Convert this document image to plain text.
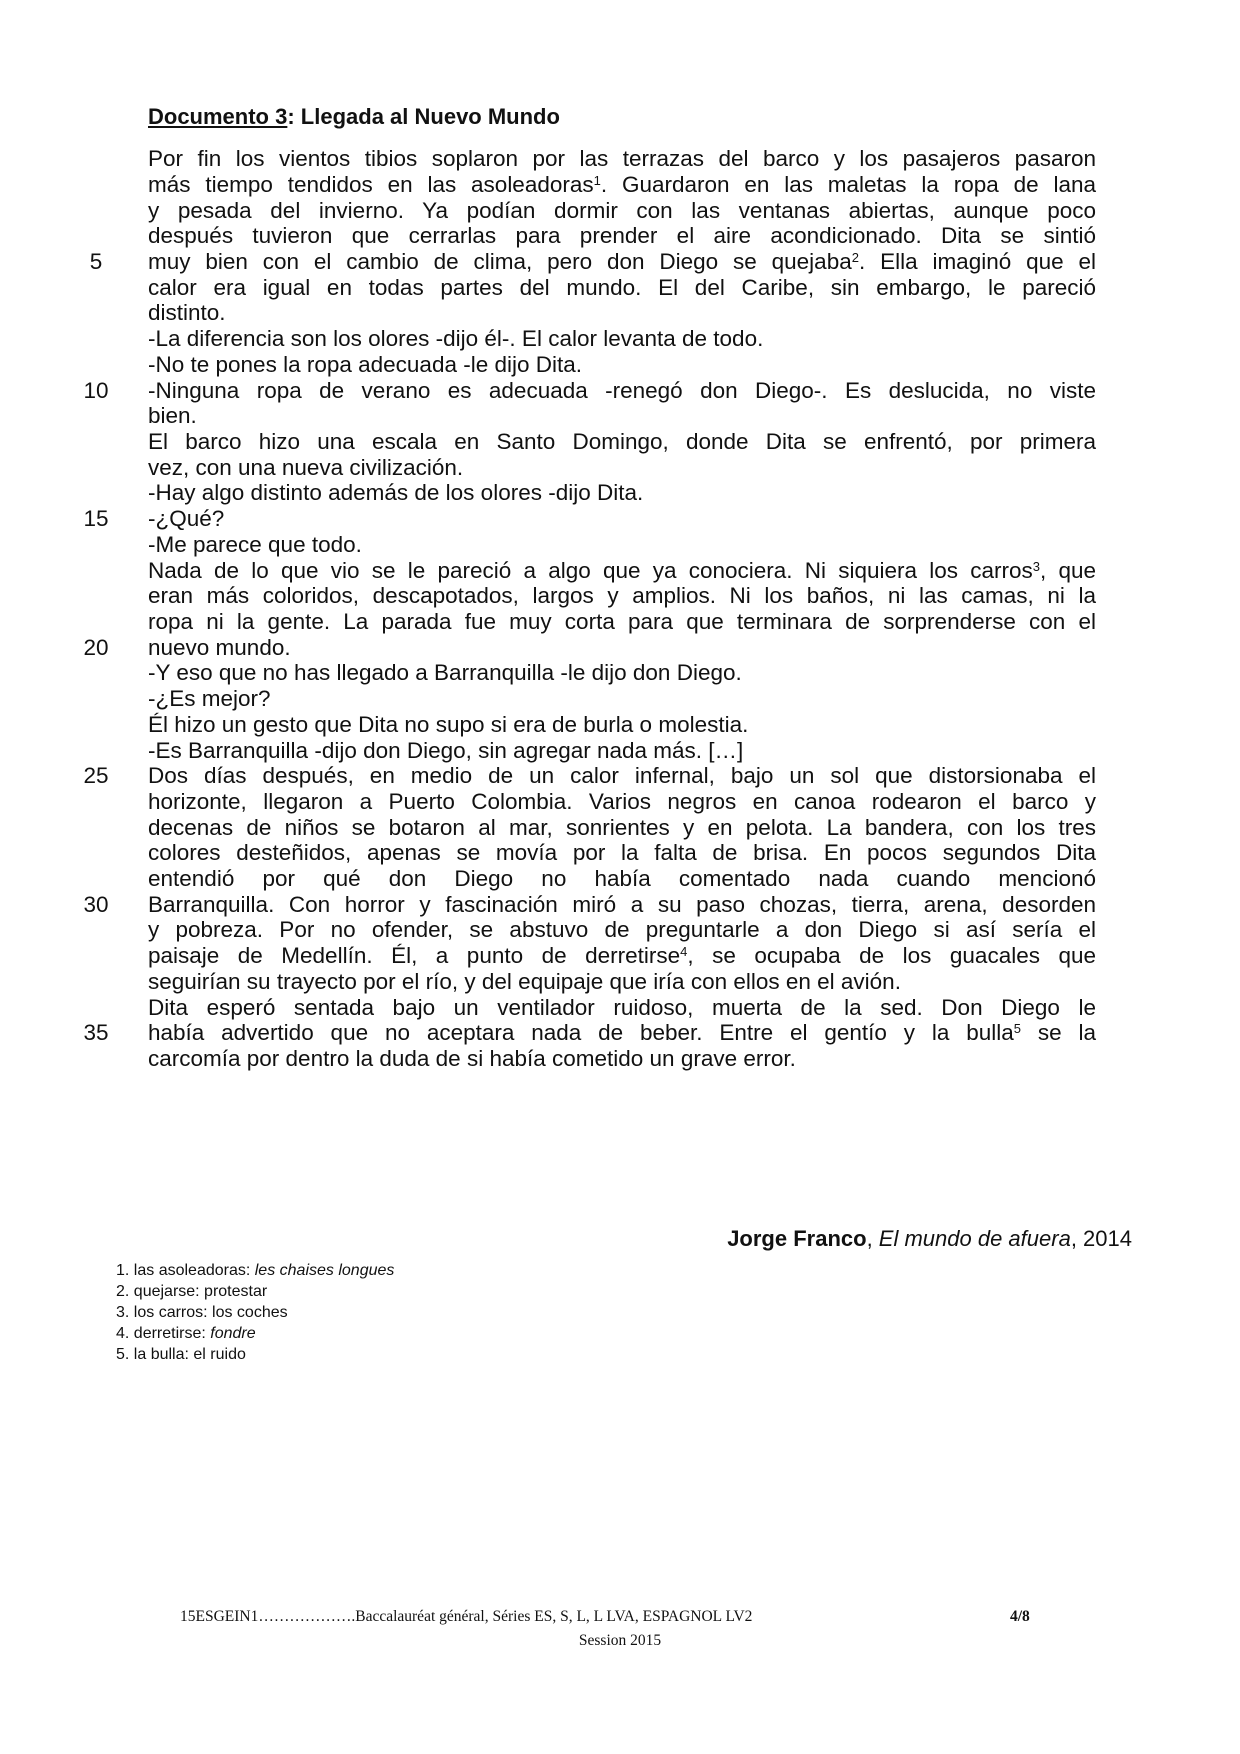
Documento 3: Llegada al Nuevo Mundo
Por fin los vientos tibios soplaron por las terrazas del barco y los pasajeros pasaron
más tiempo tendidos en las asoleadoras$^1$. Guardaron en las maletas la ropa de lana
y pesada del invierno. Ya podían dormir con las ventanas abiertas, aunque poco
después tuvieron que cerrarlas para prender el aire acondicionado. Dita se sintió
5	muy bien con el cambio de clima, pero don Diego se quejaba$^2$. Ella imaginó que el
calor era igual en todas partes del mundo. El del Caribe, sin embargo, le pareció
distinto.
-La diferencia son los olores -dijo él-. El calor levanta de todo.
-No te pones la ropa adecuada -le dijo Dita.
10	-Ninguna ropa de verano es adecuada -renegó don Diego-. Es deslucida, no viste
bien.
El barco hizo una escala en Santo Domingo, donde Dita se enfrentó, por primera
vez, con una nueva civilización.
-Hay algo distinto además de los olores -dijo Dita.
15	-¿Qué?
-Me parece que todo.
Nada de lo que vio se le pareció a algo que ya conociera. Ni siquiera los carros$^3$, que
eran más coloridos, descapotados, largos y amplios. Ni los baños, ni las camas, ni la
ropa ni la gente. La parada fue muy corta para que terminara de sorprenderse con el
20	nuevo mundo.
-Y eso que no has llegado a Barranquilla -le dijo don Diego.
-¿Es mejor?
Él hizo un gesto que Dita no supo si era de burla o molestia.
-Es Barranquilla -dijo don Diego, sin agregar nada más. […]
25	Dos días después, en medio de un calor infernal, bajo un sol que distorsionaba el
horizonte, llegaron a Puerto Colombia. Varios negros en canoa rodearon el barco y
decenas de niños se botaron al mar, sonrientes y en pelota. La bandera, con los tres
colores desteñidos, apenas se movía por la falta de brisa. En pocos segundos Dita
entendió por qué don Diego no había comentado nada cuando mencionó
30	Barranquilla. Con horror y fascinación miró a su paso chozas, tierra, arena, desorden
y pobreza. Por no ofender, se abstuvo de preguntarle a don Diego si así sería el
paisaje de Medellín. Él, a punto de derretirse$^4$, se ocupaba de los guacales que
seguirían su trayecto por el río, y del equipaje que iría con ellos en el avión.
Dita esperó sentada bajo un ventilador ruidoso, muerta de la sed. Don Diego le
35	había advertido que no aceptara nada de beber. Entre el gentío y la bulla$^5$ se la
carcomía por dentro la duda de si había cometido un grave error.
Jorge Franco, El mundo de afuera, 2014
1. las asoleadoras: les chaises longues
2. quejarse: protestar
3. los carros: los coches
4. derretirse: fondre
5. la bulla: el ruido
15ESGEIN1……………….Baccalauréat général, Séries ES, S, L, L LVA, ESPAGNOL LV2	4/8
Session 2015
